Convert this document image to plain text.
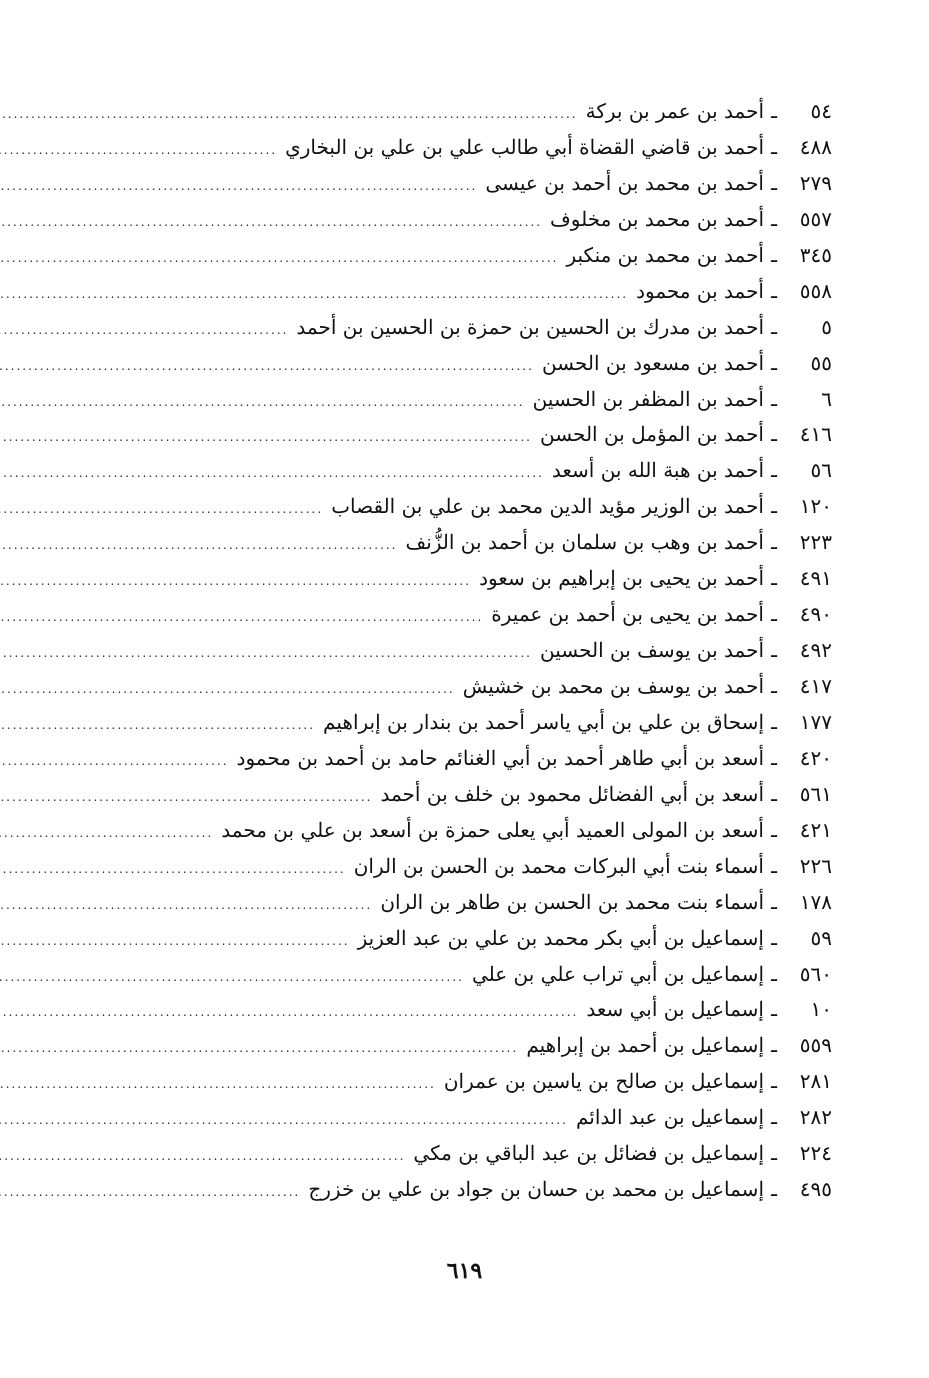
٥٤
ـ
أحمد بن عمر بن بركة
.....
٤٨٨
ـ
أحمد بن قاضي القضاة أبي طالب علي بن علي بن البخاري
.....
٢٧٩
ـ
أحمد بن محمد بن أحمد بن عيسى
.....
٥٥٧
ـ
أحمد بن محمد بن مخلوف
.....
٣٤٥
ـ
أحمد بن محمد بن منكبر
.....
٥٥٨
ـ
أحمد بن محمود
.....
٥
ـ
أحمد بن مدرك بن الحسين بن حمزة بن الحسين بن أحمد
.....
٥٥
ـ
أحمد بن مسعود بن الحسن
.....
٦
ـ
أحمد بن المظفر بن الحسين
.....
٤١٦
ـ
أحمد بن المؤمل بن الحسن
.....
٥٦
ـ
أحمد بن هبة الله بن أسعد
.....
١٢٠
ـ
أحمد بن الوزير مؤيد الدين محمد بن علي بن القصاب
.....
٢٢٣
ـ
أحمد بن وهب بن سلمان بن أحمد بن الزُّنف
.....
٤٩١
ـ
أحمد بن يحيى بن إبراهيم بن سعود
.....
٤٩٠
ـ
أحمد بن يحيى بن أحمد بن عميرة
.....
٤٩٢
ـ
أحمد بن يوسف بن الحسين
.....
٤١٧
ـ
أحمد بن يوسف بن محمد بن خشيش
.....
١٧٧
ـ
إسحاق بن علي بن أبي ياسر أحمد بن بندار بن إبراهيم
.....
٤٢٠
ـ
أسعد بن أبي طاهر أحمد بن أبي الغنائم حامد بن أحمد بن محمود
.....
٥٦١
ـ
أسعد بن أبي الفضائل محمود بن خلف بن أحمد
.....
٤٢١
ـ
أسعد بن المولى العميد أبي يعلى حمزة بن أسعد بن علي بن محمد
.....
٢٢٦
ـ
أسماء بنت أبي البركات محمد بن الحسن بن الران
.....
١٧٨
ـ
أسماء بنت محمد بن الحسن بن طاهر بن الران
.....
٥٩
ـ
إسماعيل بن أبي بكر محمد بن علي بن عبد العزيز
.....
٥٦٠
ـ
إسماعيل بن أبي تراب علي بن علي
.....
١٠
ـ
إسماعيل بن أبي سعد
.....
٥٥٩
ـ
إسماعيل بن أحمد بن إبراهيم
.....
٢٨١
ـ
إسماعيل بن صالح بن ياسين بن عمران
.....
٢٨٢
ـ
إسماعيل بن عبد الدائم
.....
٢٢٤
ـ
إسماعيل بن فضائل بن عبد الباقي بن مكي
.....
٤٩٥
ـ
إسماعيل بن محمد بن حسان بن جواد بن علي بن خزرج
.....
٦١٩
